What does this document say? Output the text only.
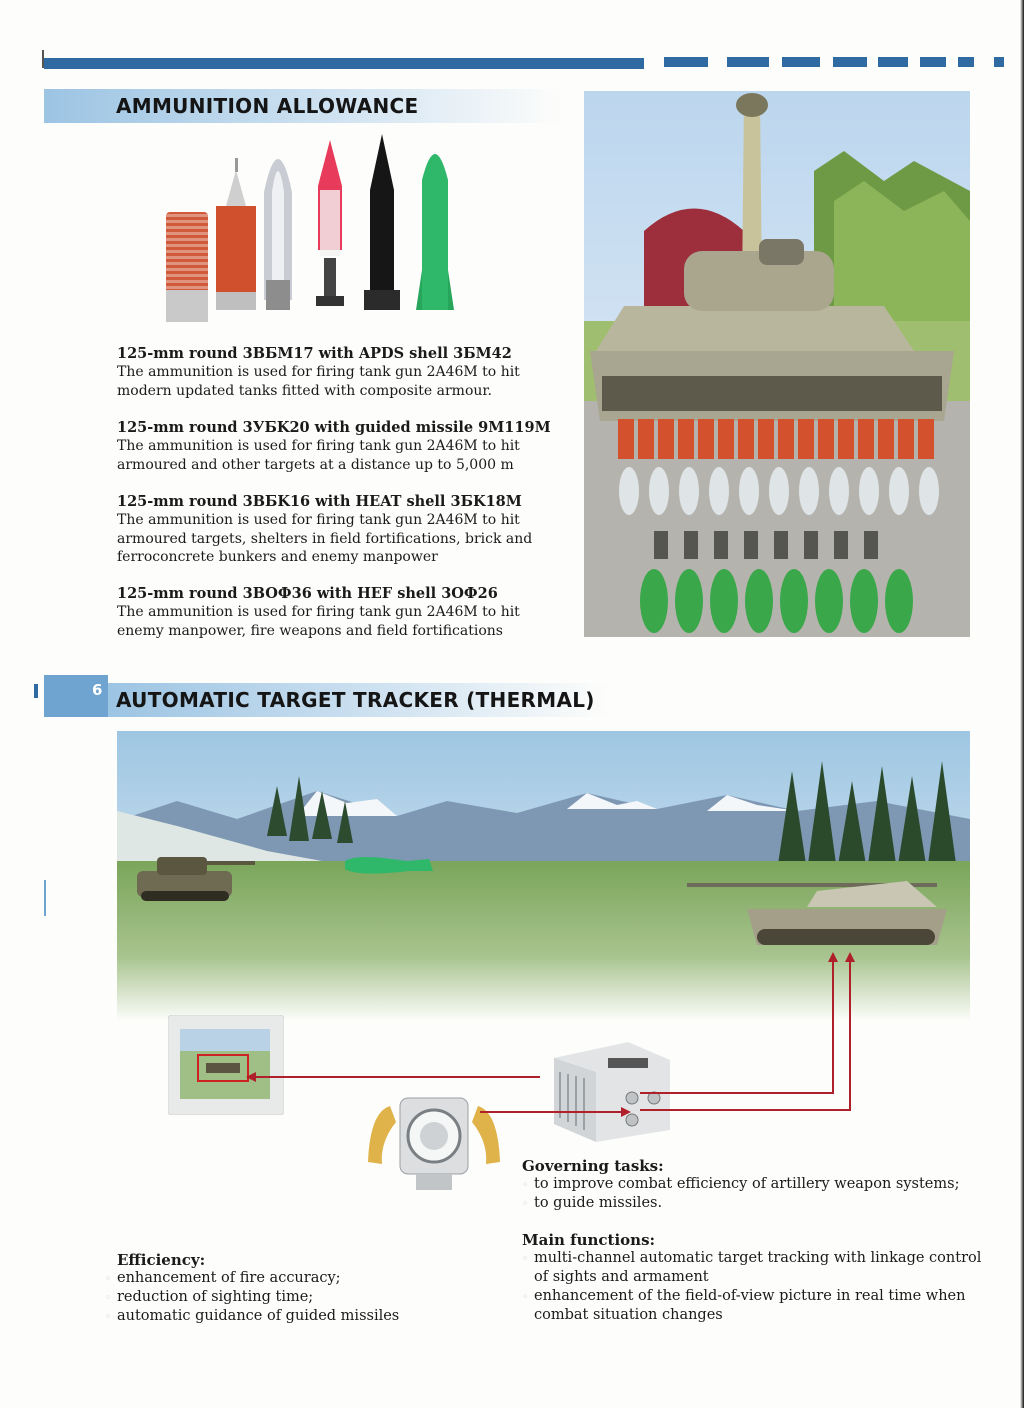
AMMUNITION ALLOWANCE
125-mm round 3BБM17 with APDS shell 3БM42
The ammunition is used for firing tank gun 2A46M to hit
modern updated tanks fitted with composite armour.
125-mm round 3УБK20 with guided missile 9M119M
The ammunition is used for firing tank gun 2A46M to hit
armoured and other targets at a distance up to 5,000 m
125-mm round 3BБK16 with HEAT shell 3БK18M
The ammunition is used for firing tank gun 2A46M to hit
armoured targets, shelters in field fortifications, brick and
ferroconcrete bunkers and enemy manpower
125-mm round 3BOФ36 with HEF shell 3OФ26
The ammunition is used for firing tank gun 2A46M to hit
enemy manpower, fire weapons and field fortifications
6 AUTOMATIC TARGET TRACKER (THERMAL)
Governing tasks:
◦ to improve combat efficiency of artillery weapon systems;
◦ to guide missiles.
Main functions:
◦ multi-channel automatic target tracking with linkage control
of sights and armament
◦ enhancement of the field-of-view picture in real time when
combat situation changes
Efficiency:
◦ enhancement of fire accuracy;
◦ reduction of sighting time;
◦ automatic guidance of guided missiles
